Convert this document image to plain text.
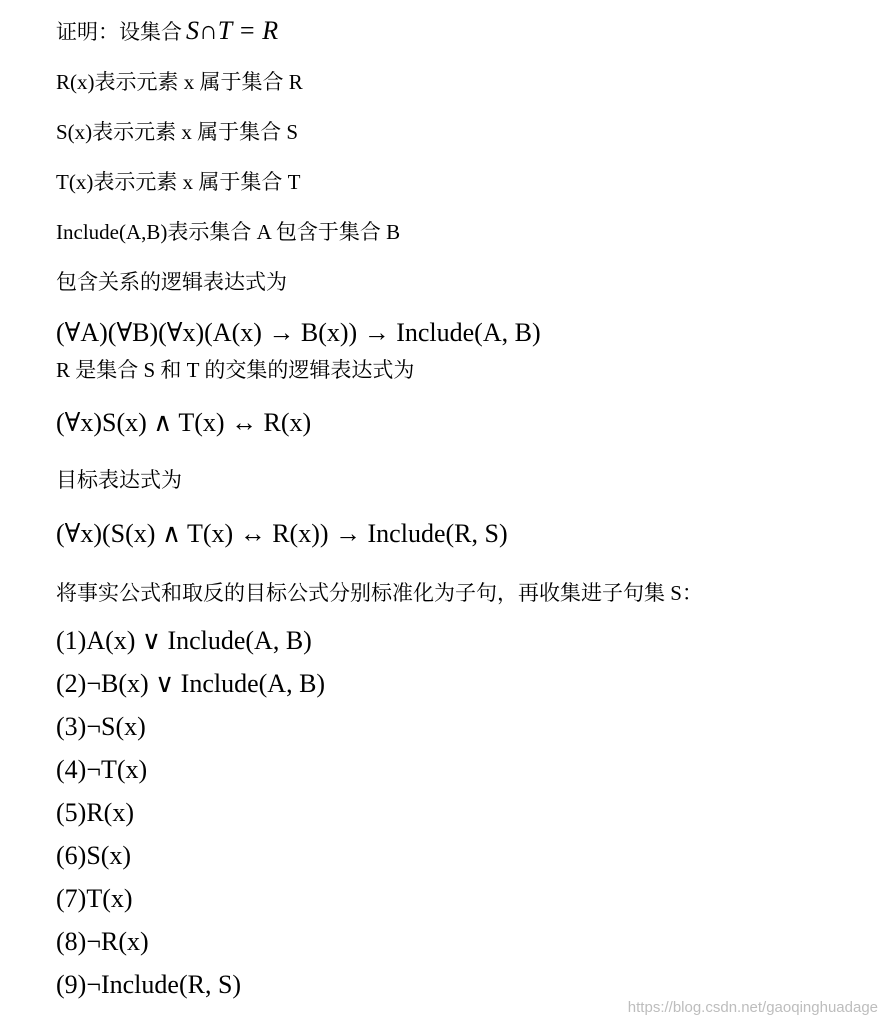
证明：设集合 S∩T = R
R(x)表示元素 x 属于集合 R
S(x)表示元素 x 属于集合 S
T(x)表示元素 x 属于集合 T
Include(A,B)表示集合 A 包含于集合 B
包含关系的逻辑表达式为
(∀A)(∀B)(∀x)(A(x) → B(x)) → Include(A, B)
R 是集合 S 和 T 的交集的逻辑表达式为
(∀x)S(x) ∧ T(x) ↔ R(x)
目标表达式为
(∀x)(S(x) ∧ T(x) ↔ R(x)) → Include(R, S)
将事实公式和取反的目标公式分别标准化为子句，再收集进子句集 S：
(1)A(x) ∨ Include(A, B)
(2)¬B(x) ∨ Include(A, B)
(3)¬S(x)
(4)¬T(x)
(5)R(x)
(6)S(x)
(7)T(x)
(8)¬R(x)
(9)¬Include(R, S)
https://blog.csdn.net/gaoqinghuadage
